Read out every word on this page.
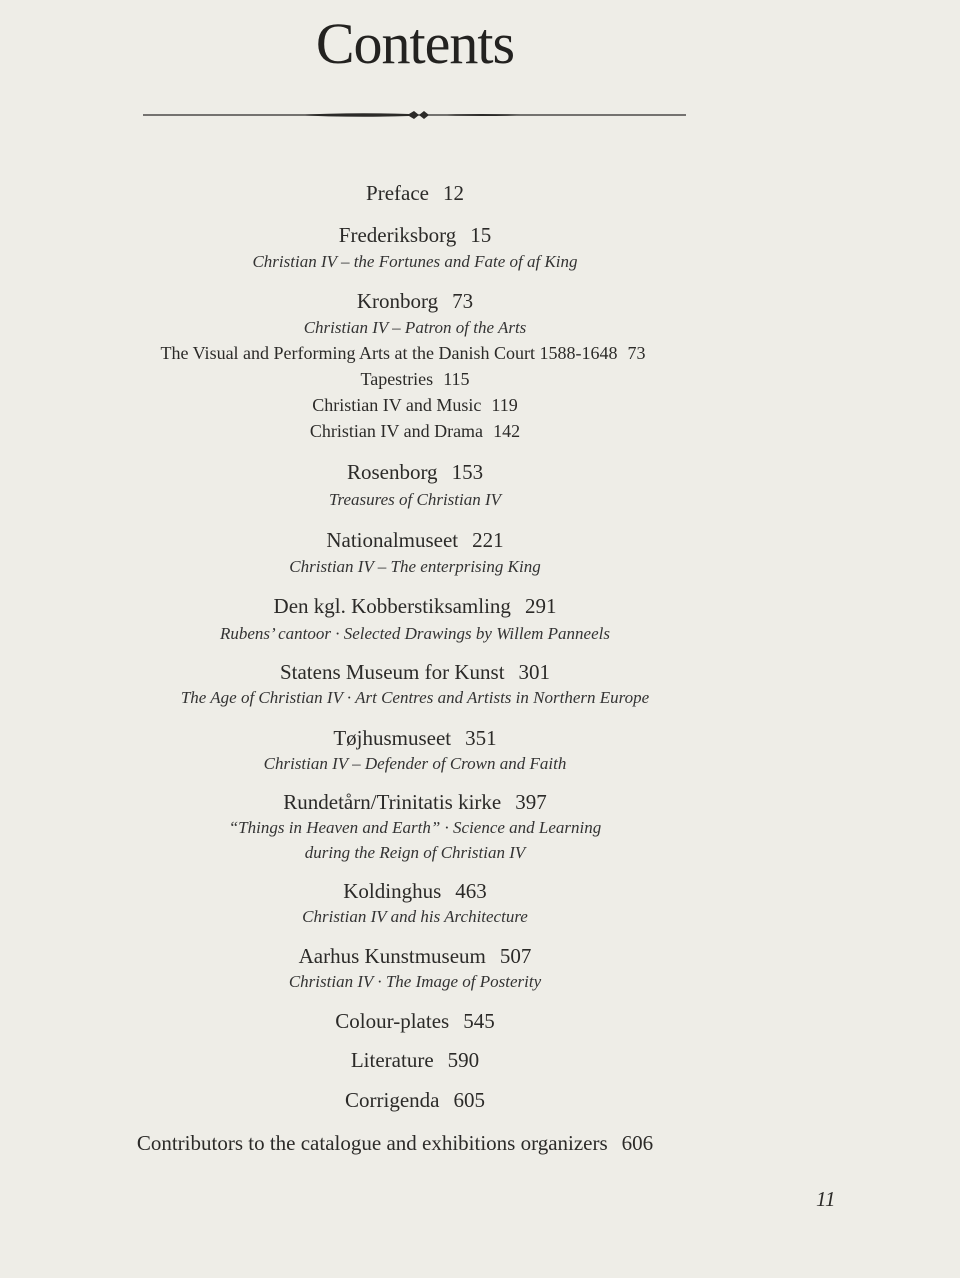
Contents
Preface 12
Frederiksborg 15
Christian IV – the Fortunes and Fate of af King
Kronborg 73
Christian IV – Patron of the Arts
The Visual and Performing Arts at the Danish Court 1588-1648 73
Tapestries 115
Christian IV and Music 119
Christian IV and Drama 142
Rosenborg 153
Treasures of Christian IV
Nationalmuseet 221
Christian IV – The enterprising King
Den kgl. Kobberstiksamling 291
Rubens’ cantoor · Selected Drawings by Willem Panneels
Statens Museum for Kunst 301
The Age of Christian IV · Art Centres and Artists in Northern Europe
Tøjhusmuseet 351
Christian IV – Defender of Crown and Faith
Rundetårn/Trinitatis kirke 397
“Things in Heaven and Earth” · Science and Learning
during the Reign of Christian IV
Koldinghus 463
Christian IV and his Architecture
Aarhus Kunstmuseum 507
Christian IV · The Image of Posterity
Colour-plates 545
Literature 590
Corrigenda 605
Contributors to the catalogue and exhibitions organizers 606
11
